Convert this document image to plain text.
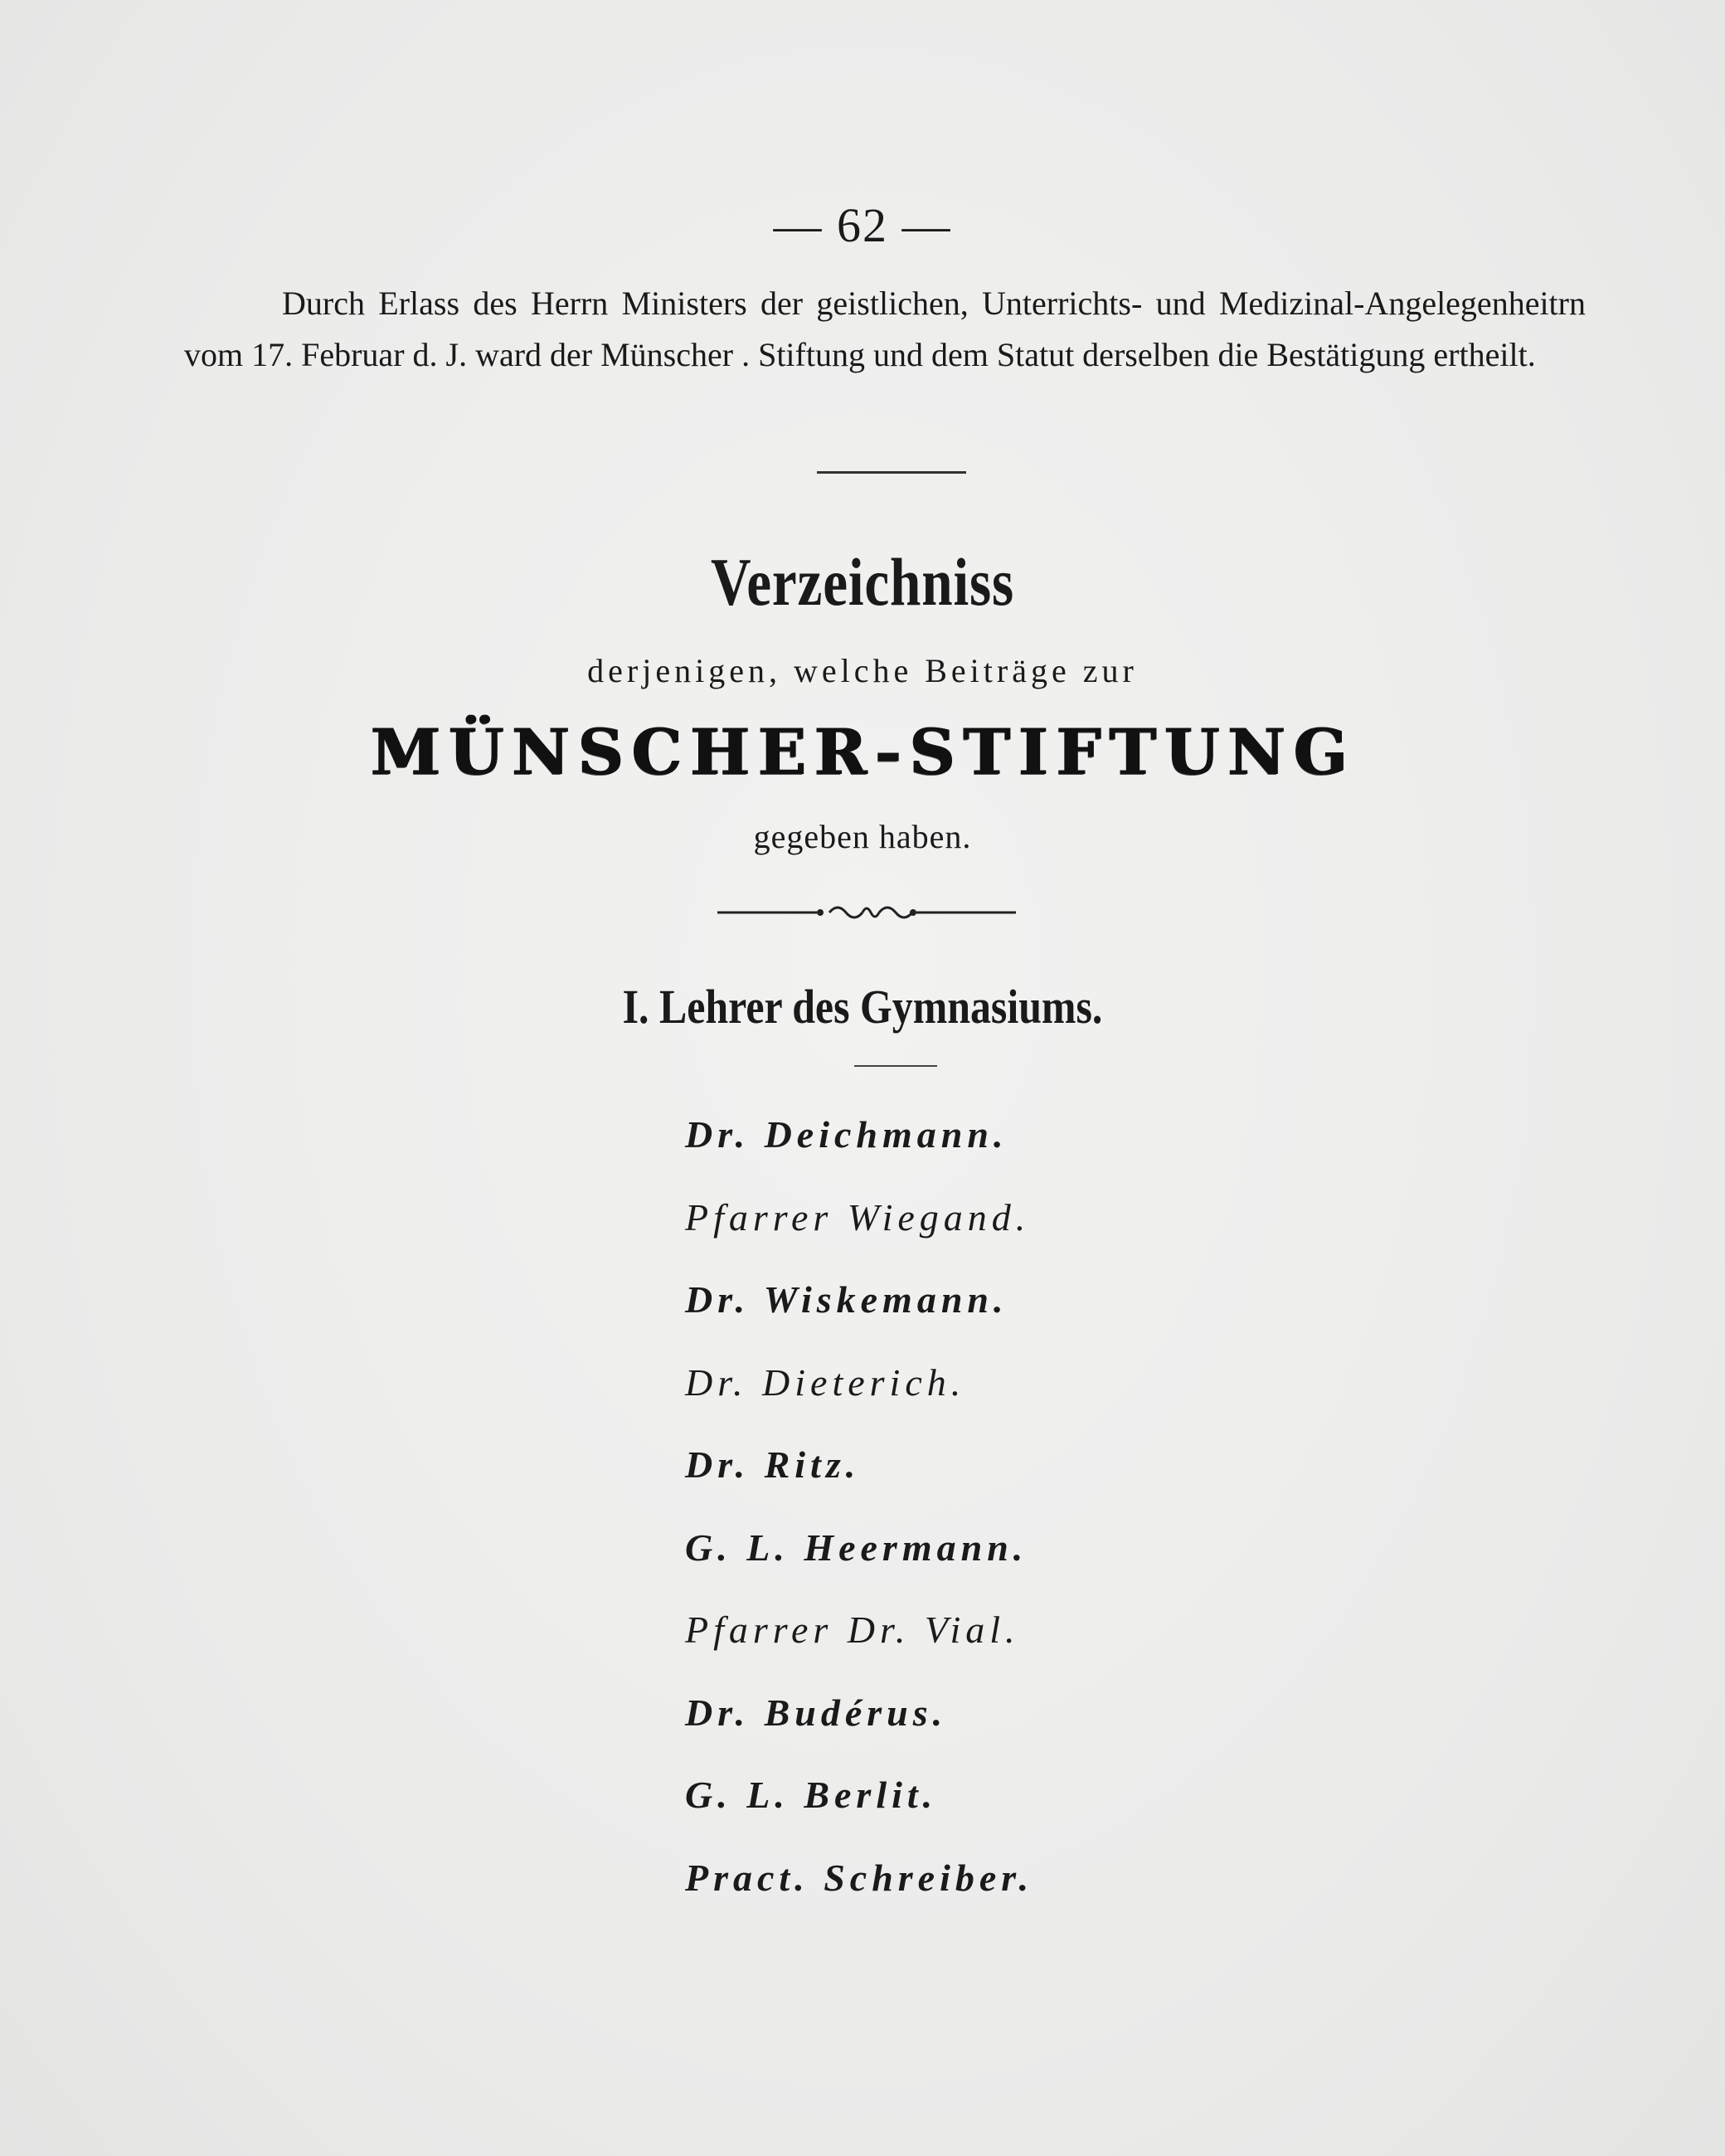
— 62 —

Durch Erlass des Herrn Ministers der geistlichen, Unterrichts- und Medizinal-Angelegenheitrn vom 17. Februar d. J. ward der Münscher . Stiftung und dem Statut derselben die Bestätigung ertheilt.

Verzeichniss
derjenigen, welche Beiträge zur
MÜNSCHER-STIFTUNG
gegeben haben.
I. Lehrer des Gymnasiums.
Dr. Deichmann.
Pfarrer Wiegand.
Dr. Wiskemann.
Dr. Dieterich.
Dr. Ritz.
G. L. Heermann.
Pfarrer Dr. Vial.
Dr. Budérus.
G. L. Berlit.
Pract. Schreiber.
